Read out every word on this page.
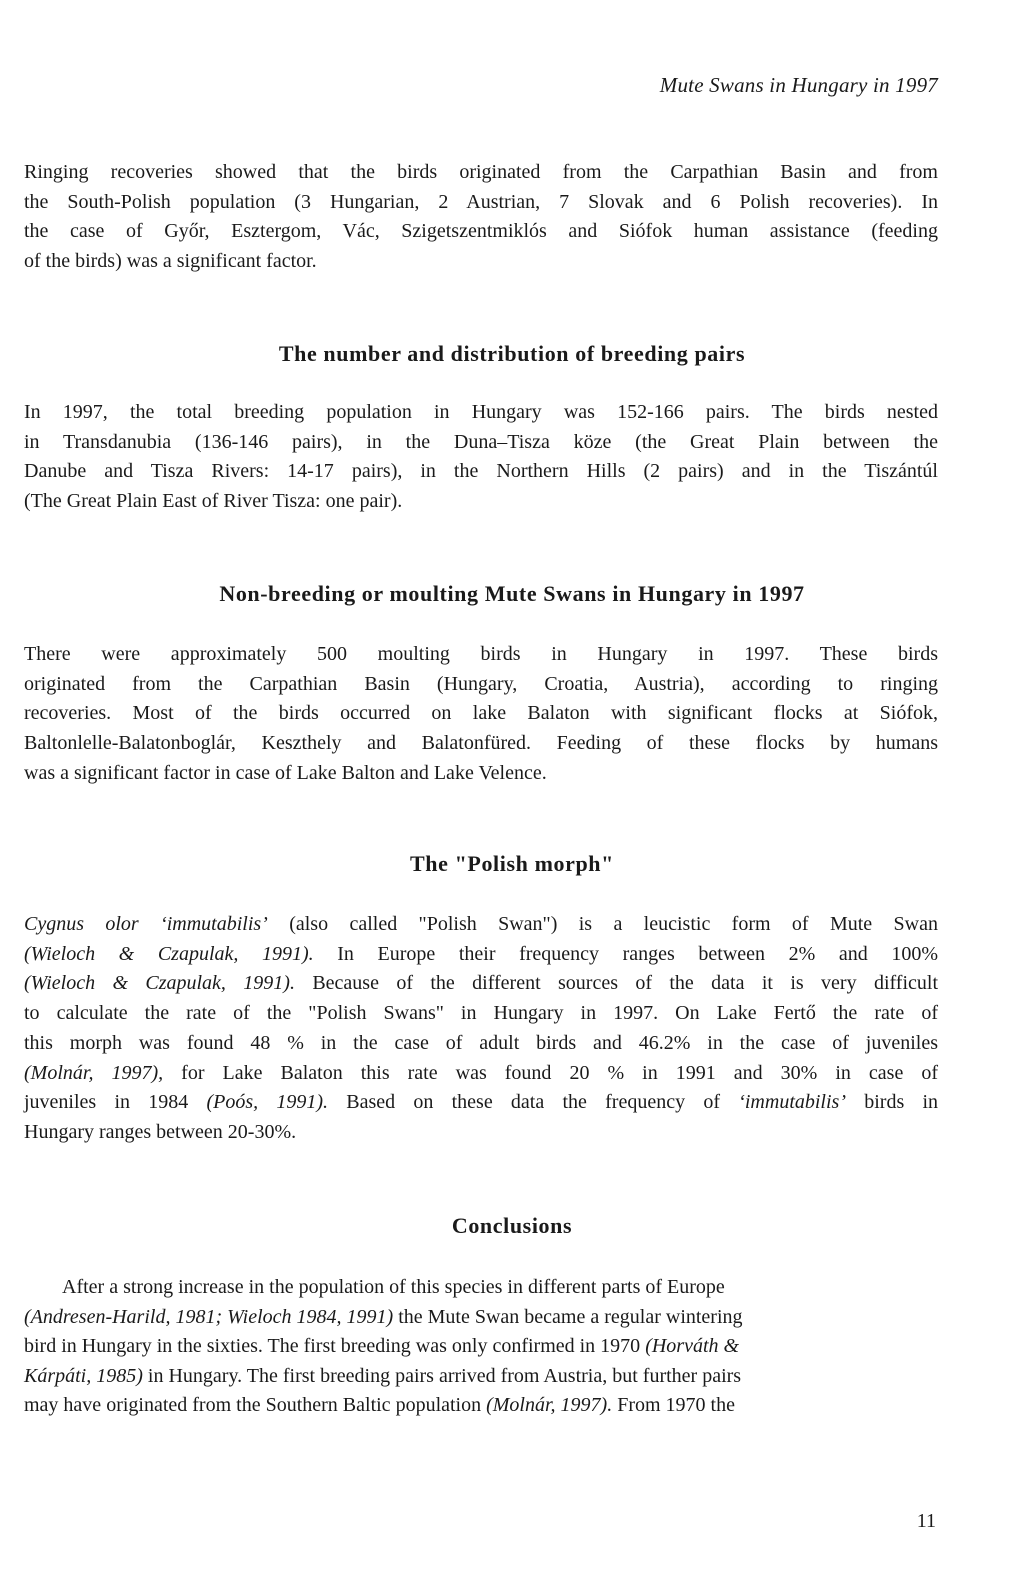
Mute Swans in Hungary in 1997

Ringing recoveries showed that the birds originated from the Carpathian Basin and from
the South-Polish population (3 Hungarian, 2 Austrian, 7 Slovak and 6 Polish recoveries). In
the case of Győr, Esztergom, Vác, Szigetszentmiklós and Siófok human assistance (feeding
of the birds) was a significant factor.

The number and distribution of breeding pairs

In 1997, the total breeding population in Hungary was 152-166 pairs. The birds nested
in Transdanubia (136-146 pairs), in the Duna–Tisza köze (the Great Plain between the
Danube and Tisza Rivers: 14-17 pairs), in the Northern Hills (2 pairs) and in the Tiszántúl
(The Great Plain East of River Tisza: one pair).

Non-breeding or moulting Mute Swans in Hungary in 1997

There were approximately 500 moulting birds in Hungary in 1997. These birds
originated from the Carpathian Basin (Hungary, Croatia, Austria), according to ringing
recoveries. Most of the birds occurred on lake Balaton with significant flocks at Siófok,
Baltonlelle-Balatonboglár, Keszthely and Balatonfüred. Feeding of these flocks by humans
was a significant factor in case of Lake Balton and Lake Velence.

The "Polish morph"

Cygnus olor ‘immutabilis’ (also called "Polish Swan") is a leucistic form of Mute Swan
(Wieloch & Czapulak, 1991). In Europe their frequency ranges between 2% and 100%
(Wieloch & Czapulak, 1991). Because of the different sources of the data it is very difficult
to calculate the rate of the "Polish Swans" in Hungary in 1997. On Lake Fertő the rate of
this morph was found 48 % in the case of adult birds and 46.2% in the case of juveniles
(Molnár, 1997), for Lake Balaton this rate was found 20 % in 1991 and 30% in case of
juveniles in 1984 (Poós, 1991). Based on these data the frequency of ‘immutabilis’ birds in
Hungary ranges between 20-30%.

Conclusions

After a strong increase in the population of this species in different parts of Europe
(Andresen-Harild, 1981; Wieloch 1984, 1991) the Mute Swan became a regular wintering
bird in Hungary in the sixties. The first breeding was only confirmed in 1970 (Horváth &
Kárpáti, 1985) in Hungary. The first breeding pairs arrived from Austria, but further pairs
may have originated from the Southern Baltic population (Molnár, 1997). From 1970 the

11
